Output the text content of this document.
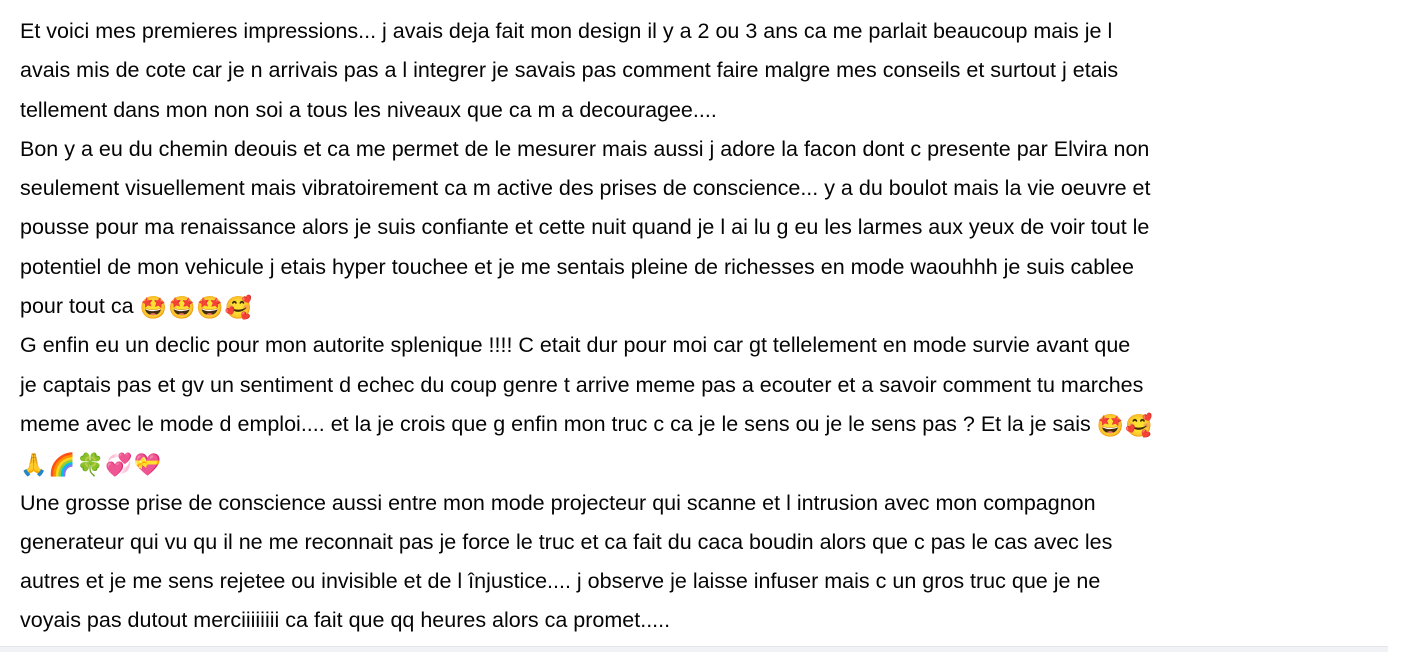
Et voici mes premieres impressions... j avais deja fait mon design il y a 2 ou 3 ans ca me parlait beaucoup mais je l
avais mis de cote car je n arrivais pas a l integrer je savais pas comment faire malgre mes conseils et surtout j etais
tellement dans mon non soi a tous les niveaux que ca m a decouragee....
Bon y a eu du chemin deouis et ca me permet de le mesurer mais aussi j adore la facon dont c presente par Elvira non
seulement visuellement mais vibratoirement ca m active des prises de conscience... y a du boulot mais la vie oeuvre et
pousse pour ma renaissance alors je suis confiante et cette nuit quand je l ai lu g eu les larmes aux yeux de voir tout le
potentiel de mon vehicule j etais hyper touchee et je me sentais pleine de richesses en mode waouhhh je suis cablee
pour tout ca 🤩🤩🤩🥰
G enfin eu un declic pour mon autorite splenique !!!! C etait dur pour moi car gt tellelement en mode survie avant que
je captais pas et gv un sentiment d echec du coup genre t arrive meme pas a ecouter et a savoir comment tu marches
meme avec le mode d emploi.... et la je crois que g enfin mon truc c ca je le sens ou je le sens pas ? Et la je sais 🤩🥰
🙏🌈🍀💞💝
Une grosse prise de conscience aussi entre mon mode projecteur qui scanne et l intrusion avec mon compagnon
generateur qui vu qu il ne me reconnait pas je force le truc et ca fait du caca boudin alors que c pas le cas avec les
autres et je me sens rejetee ou invisible et de l înjustice.... j observe je laisse infuser mais c un gros truc que je ne
voyais pas dutout merciiiiiiii ca fait que qq heures alors ca promet.....
